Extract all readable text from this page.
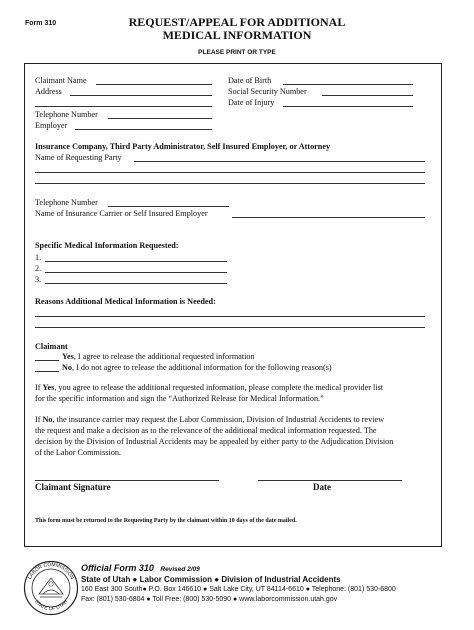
Form 310	REQUEST/APPEAL FOR ADDITIONAL
MEDICAL INFORMATION
PLEASE PRINT OR TYPE
Claimant Name
Address
Telephone Number
Employer
Date of Birth
Social Security Number
Date of Injury
Insurance Company, Third Party Administrator, Self Insured Employer, or Attorney
Name of Requesting Party
Telephone Number
Name of Insurance Carrier or Self Insured Employer
Specific Medical Information Requested:
1.
2.
3.
Reasons Additional Medical Information is Needed:
Claimant
Yes, I agree to release the additional requested information
No, I do not agree to release the additional information for the following reason(s)
If Yes, you agree to release the additional requested information, please complete the medical provider list
for the specific information and sign the “Authorized Release for Medical Information.”
If No, the insurance carrier may request the Labor Commission, Division of Industrial Accidents to review
the request and make a decision as to the relevance of the additional medical information requested. The
decision by the Division of Industrial Accidents may be appealed by either party to the Adjudication Division
of the Labor Commission.
Claimant Signature	Date
This form must be returned to the Requesting Party by the claimant within 10 days of the date mailed.
LABOR COMMISSION
STATE OF UTAH
Official Form 310 Revised 2/09
State of Utah ● Labor Commission ● Division of Industrial Accidents
160 East 300 South● P.O. Box 146610 ● Salt Lake City, UT 84114-6610 ● Telephone: (801) 530-6800
Fax: (801) 530-6804 ● Toll Free: (800) 530-5090 ● www.laborcommission.utah.gov
